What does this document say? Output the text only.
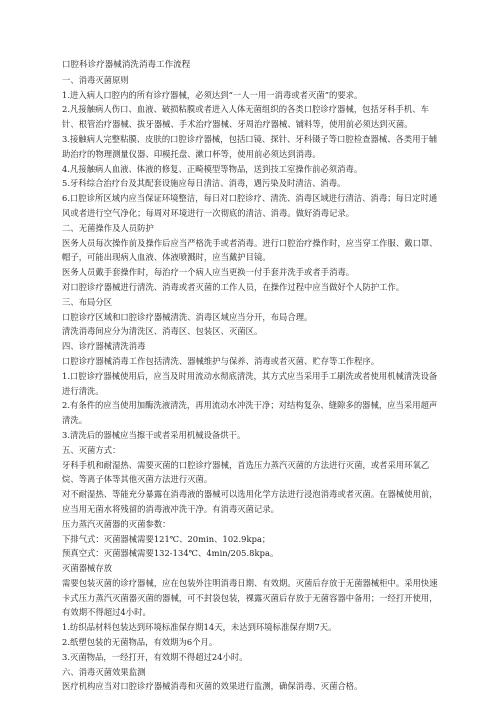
口腔科诊疗器械消洗消毒工作流程
一、消毒灭菌原则
1.进入病人口腔内的所有诊疗器械，必须达到“一人一用一消毒或者灭菌”的要求。
2.凡接触病人伤口、血液、破损粘膜或者进入人体无菌组织的各类口腔诊疗器械，包括牙科手机、车针、根管治疗器械、拔牙器械、手术治疗器械、牙周治疗器械、铺料等，使用前必须达到灭菌。
3.接触病人完整粘膜、皮肤的口腔诊疗器械，包括口镜、探针、牙科镊子等口腔检查器械、各类用于辅助治疗的物理测量仪器、印模托盘、漱口杯等，使用前必须达到消毒。
4.凡接触病人血液、体液的修复、正畸模型等物品，送到技工室操作前必须消毒。
5.牙科综合治疗台及其配套设施应每日清洁、消毒，遇污染及时清洁、消毒。
6.口腔诊所区域内应当保证环境整洁，每日对口腔诊疗、清洗、消毒区域进行清洁、消毒；每日定时通风或者进行空气净化；每周对环境进行一次彻底的清洁、消毒。做好消毒记录。
二、无菌操作及人员防护
医务人员每次操作前及操作后应当严格洗手或者消毒。进行口腔治疗操作时，应当穿工作服、戴口罩、帽子，可能出现病人血液、体液喷溅时，应当戴护目镜。
医务人员戴手套操作时，每治疗一个病人应当更换一付手套并洗手或者手消毒。
对口腔诊疗器械进行清洗、消毒或者灭菌的工作人员，在操作过程中应当做好个人防护工作。
三、布局分区
口腔诊疗区域和口腔诊疗器械清洗、消毒区域应当分开，布局合理。
清洗消毒间应分为清洗区、消毒区、包装区、灭菌区。
四、诊疗器械清洗消毒
口腔诊疗器械消毒工作包括清洗、器械维护与保养、消毒或者灭菌、贮存等工作程序。
1.口腔诊疗器械使用后，应当及时用流动水彻底清洗，其方式应当采用手工刷洗或者使用机械清洗设备进行清洗。
2.有条件的应当使用加酶洗液清洗，再用流动水冲洗干净；对结构复杂、缝隙多的器械，应当采用超声清洗。
3.清洗后的器械应当擦干或者采用机械设备烘干。
五、灭菌方式：
牙科手机和耐湿热、需要灭菌的口腔诊疗器械，首选压力蒸汽灭菌的方法进行灭菌，或者采用环氧乙烷、等离子体等其他灭菌方法进行灭菌。
对不耐湿热、等能充分暴露在消毒液的器械可以选用化学方法进行浸泡消毒或者灭菌。在器械使用前，应当用无菌水将残留的消毒液冲洗干净。有消毒灭菌记录。
压力蒸汽灭菌器的灭菌参数：
下排气式：灭菌器械需要121℃、20min、102.9kpa；
预真空式：灭菌器械需要132-134℃、4min/205.8kpa。
灭菌器械存放
需要包装灭菌的诊疗器械，应在包装外注明消毒日期、有效期。灭菌后存放于无菌器械柜中。采用快速卡式压力蒸汽灭菌器灭菌的器械，可不封袋包装，裸露灭菌后存放于无菌容器中备用；一经打开使用，有效期不得超过4小时。
1.纺织品材料包装达到环境标准保存期14天，未达到环境标准保存期7天。
2.纸塑包装的无菌物品，有效期为6个月。
3.灭菌物品，一经打开，有效期不得超过24小时。
六、消毒灭菌效果监测
医疗机构应当对口腔诊疗器械消毒和灭菌的效果进行监测，确保消毒、灭菌合格。
